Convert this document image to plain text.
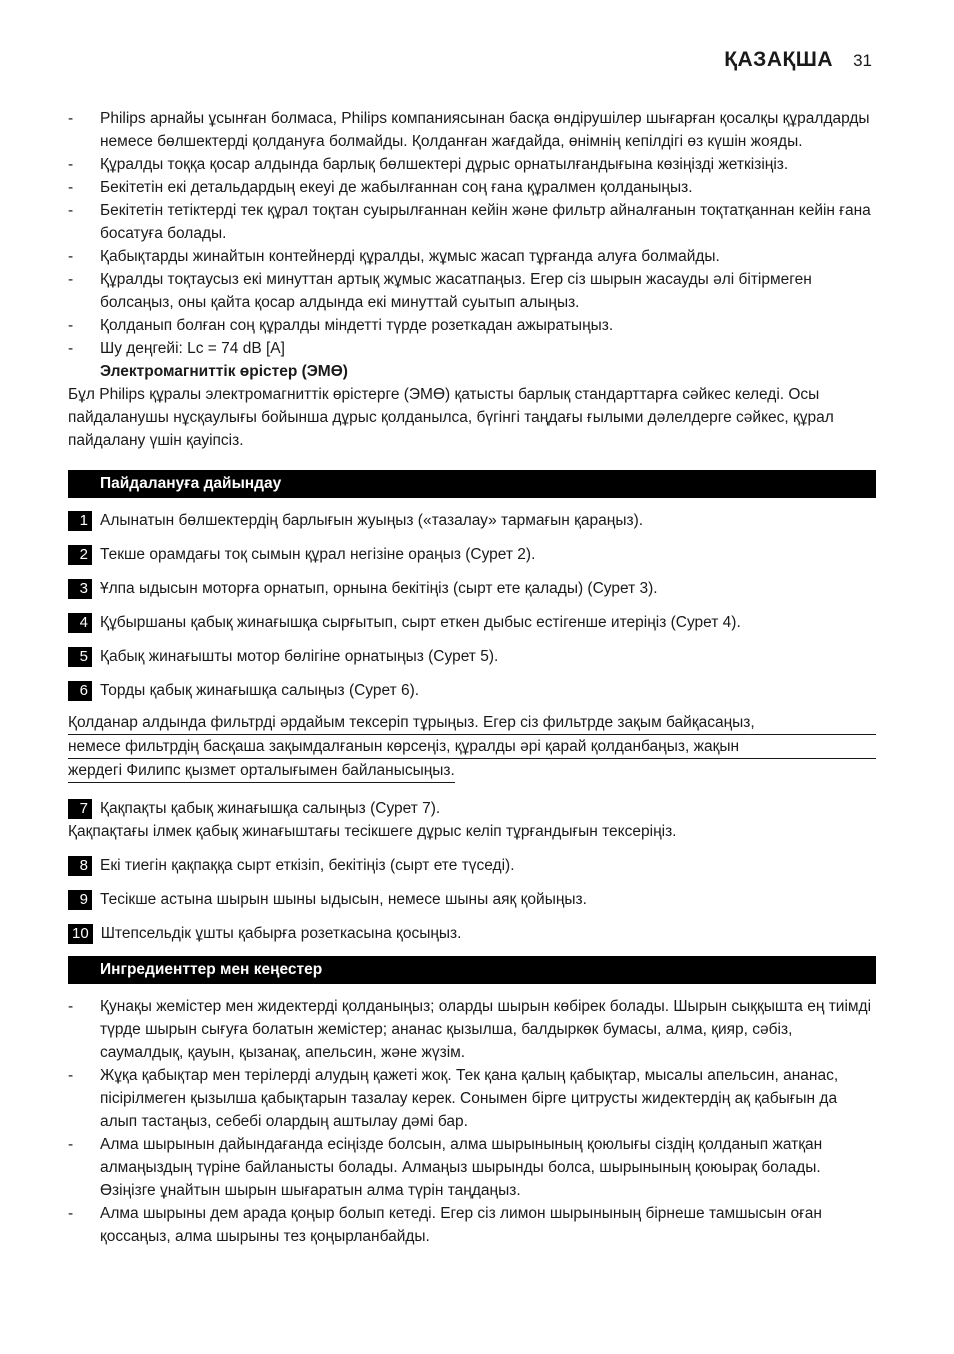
ҚАЗАҚША 31
-	Philips арнайы ұсынған болмаса, Philips компаниясынан басқа өндірушілер шығарған қосалқы құралдарды немесе бөлшектерді қолдануға болмайды. Қолданған жағдайда, өнімнің кепілдігі өз күшін жояды.
-	Құралды тоққа қосар алдында барлық бөлшектері дұрыс орнатылғандығына көзіңізді жеткізіңіз.
-	Бекітетін екі детальдардың екеуі де жабылғаннан соң ғана құралмен қолданыңыз.
-	Бекітетін тетіктерді тек құрал тоқтан суырылғаннан кейін және фильтр айналғанын тоқтатқаннан кейін ғана босатуға болады.
-	Қабықтарды жинайтын контейнерді құралды, жұмыс жасап тұрғанда алуға болмайды.
-	Құралды тоқтаусыз екі минуттан артық жұмыс жасатпаңыз. Егер сіз шырын жасауды әлі бітірмеген болсаңыз, оны қайта қосар алдында екі минуттай суытып алыңыз.
-	Қолданып болған соң құралды міндетті түрде розеткадан ажыратыңыз.
-	Шу деңгейі: Lc = 74 dB [A]
Электромагниттік өрістер (ЭМӨ)

Бұл Philips құралы электромагниттік өрістерге (ЭМӨ) қатысты барлық стандарттарға сәйкес келеді. Осы пайдаланушы нұсқаулығы бойынша дұрыс қолданылса, бүгінгі таңдағы ғылыми дәлелдерге сәйкес, құрал пайдалану үшін қауіпсіз.

Пайдалануға дайындау
1 Алынатын бөлшектердің барлығын жуыңыз («тазалау» тармағын қараңыз).
2 Текше орамдағы тоқ сымын құрал негізіне ораңыз (Сурет 2).
3 Ұлпа ыдысын моторға орнатып, орнына бекітіңіз (сырт ете қалады) (Сурет 3).
4 Құбыршаны қабық жинағышқа сырғытып, сырт еткен дыбыс естігенше итеріңіз (Сурет 4).
5 Қабық жинағышты мотор бөлігіне орнатыңыз (Сурет 5).
6 Торды қабық жинағышқа салыңыз (Сурет 6).
Қолданар алдында фильтрді әрдайым тексеріп тұрыңыз. Егер сіз фильтрде зақым байқасаңыз,
немесе фильтрдің басқаша зақымдалғанын көрсеңіз, құралды әрі қарай қолданбаңыз, жақын
жердегі Филипс қызмет орталығымен байланысыңыз.
7 Қақпақты қабық жинағышқа салыңыз (Сурет 7).

Қақпақтағы ілмек қабық жинағыштағы тесікшеге дұрыс келіп тұрғандығын тексеріңіз.

8 Екі тиегін қақпаққа сырт еткізіп, бекітіңіз (сырт ете түседі).
9 Тесікше астына шырын шыны ыдысын, немесе шыны аяқ қойыңыз.
10 Штепсельдік ұшты қабырға розеткасына қосыңыз.
Ингредиенттер мен кеңестер
-	Қунақы жемістер мен жидектерді қолданыңыз; оларды шырын көбірек болады. Шырын сыққышта ең тиімді түрде шырын сығуға болатын жемістер; ананас қызылша, балдыркөк бумасы, алма, қияр, сәбіз, саумалдық, қауын, қызанақ, апельсин, және жүзім.
-	Жұқа қабықтар мен терілерді алудың қажеті жоқ. Тек қана қалың қабықтар, мысалы апельсин, ананас, пісірілмеген қызылша қабықтарын тазалау керек. Сонымен бірге цитрусты жидектердің ақ қабығын да алып тастаңыз, себебі олардың аштылау дәмі бар.
-	Алма шырынын дайындағанда есіңізде болсын, алма шырынының қоюлығы сіздің қолданып жатқан алмаңыздың түріне байланысты болады. Алмаңыз шырынды болса, шырынының қоюырақ болады. Өзіңізге ұнайтын шырын шығаратын алма түрін таңдаңыз.
-	Алма шырыны дем арада қоңыр болып кетеді. Егер сіз лимон шырынының бірнеше тамшысын оған қоссаңыз, алма шырыны тез қоңырланбайды.
